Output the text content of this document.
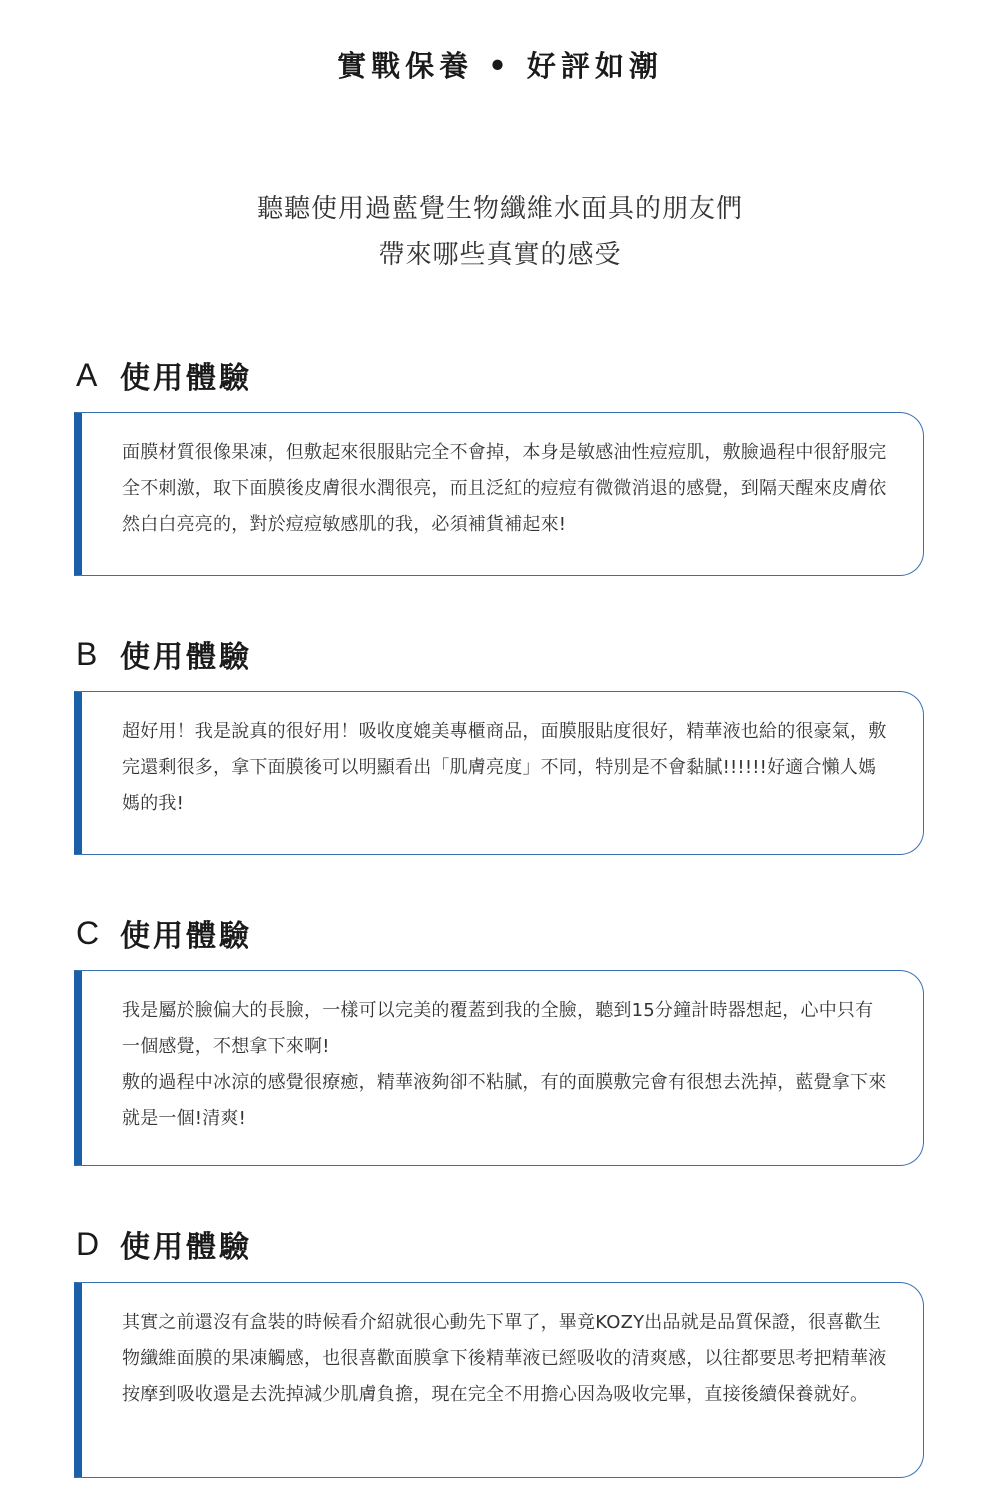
實戰保養 • 好評如潮
聽聽使用過藍覺生物纖維水面具的朋友們
帶來哪些真實的感受
A 使用體驗

面膜材質很像果凍，但敷起來很服貼完全不會掉，本身是敏感油性痘痘肌，敷臉過程中很舒服完全不刺激，取下面膜後皮膚很水潤很亮，而且泛紅的痘痘有微微消退的感覺，到隔天醒來皮膚依然白白亮亮的，對於痘痘敏感肌的我，必須補貨補起來!

B 使用體驗

超好用！我是說真的很好用！吸收度媲美專櫃商品，面膜服貼度很好，精華液也給的很豪氣，敷完還剩很多，拿下面膜後可以明顯看出「肌膚亮度」不同，特別是不會黏膩!!!!!!好適合懶人媽媽的我!

C 使用體驗

我是屬於臉偏大的長臉，一樣可以完美的覆蓋到我的全臉，聽到15分鐘計時器想起，心中只有一個感覺，不想拿下來啊!

敷的過程中冰涼的感覺很療癒，精華液夠卻不粘膩，有的面膜敷完會有很想去洗掉，藍覺拿下來就是一個!清爽!

D 使用體驗

其實之前還沒有盒裝的時候看介紹就很心動先下單了，畢竟KOZY出品就是品質保證，很喜歡生物纖維面膜的果凍觸感，也很喜歡面膜拿下後精華液已經吸收的清爽感，以往都要思考把精華液按摩到吸收還是去洗掉減少肌膚負擔，現在完全不用擔心因為吸收完畢，直接後續保養就好。
